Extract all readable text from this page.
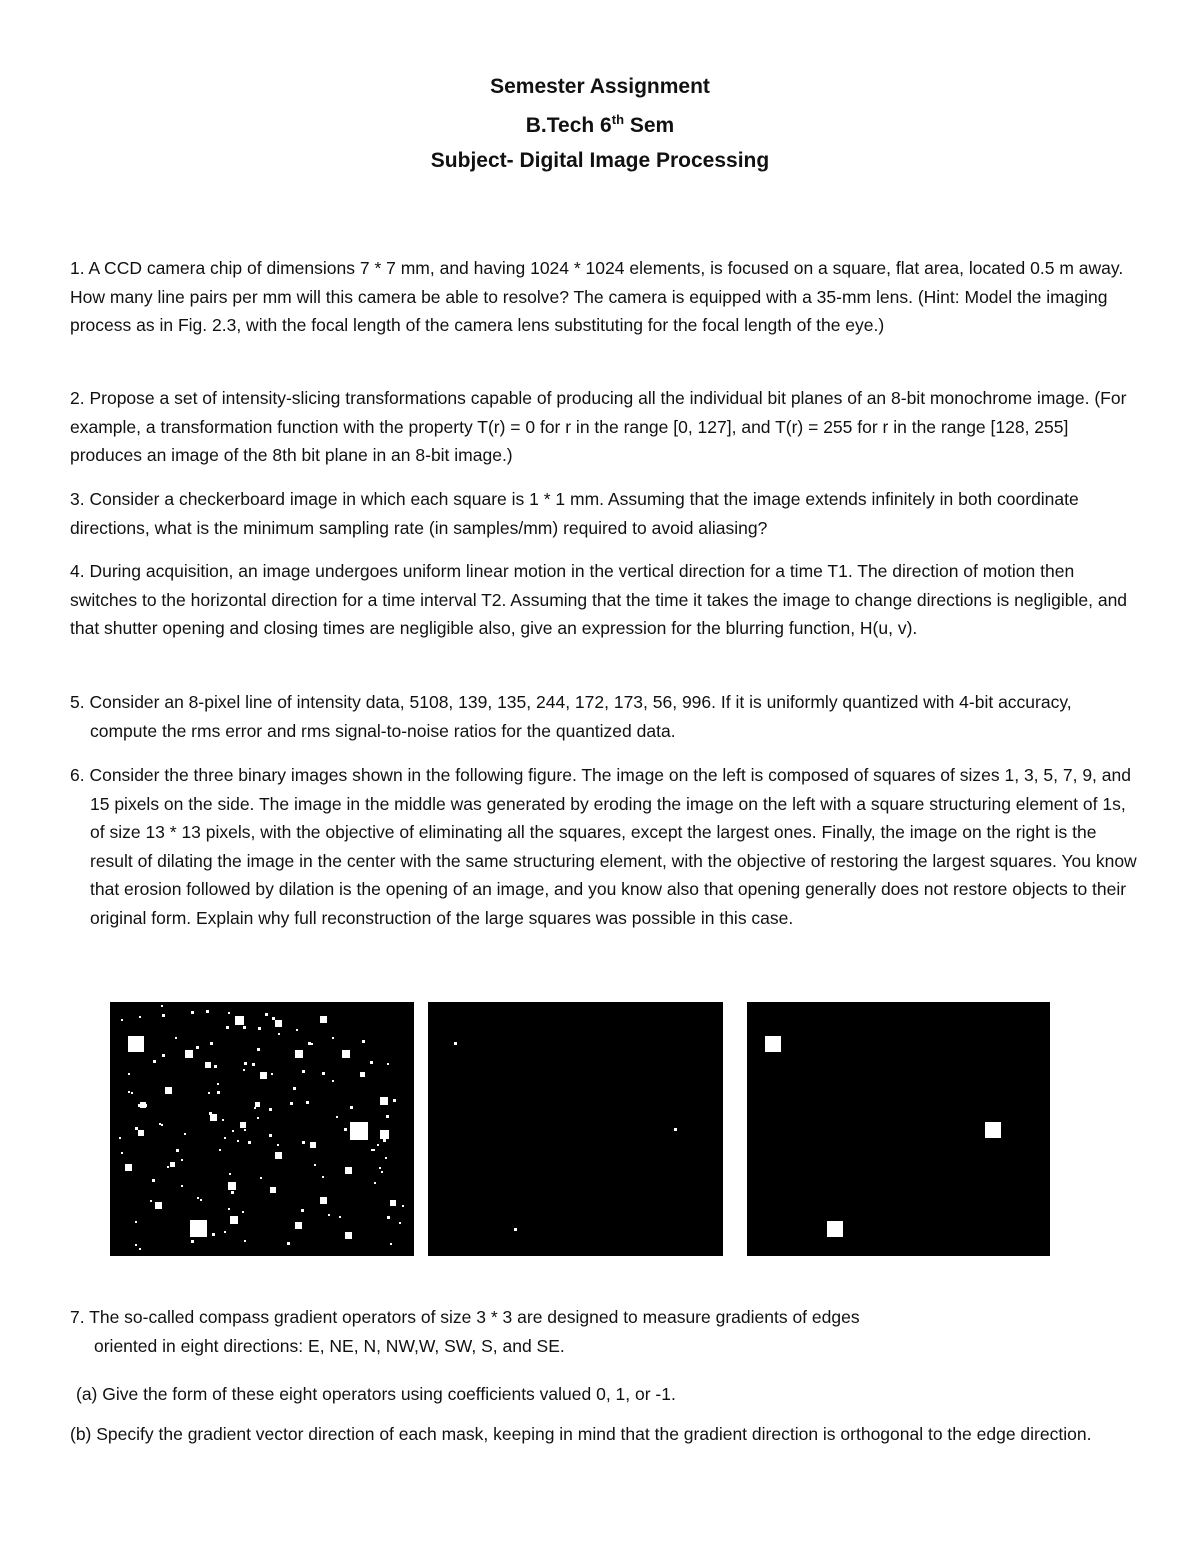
Semester Assignment
B.Tech 6th Sem
Subject- Digital Image Processing
1. A CCD camera chip of dimensions 7 * 7 mm, and having 1024 * 1024 elements, is focused on a square, flat area, located 0.5 m away. How many line pairs per mm will this camera be able to resolve? The camera is equipped with a 35-mm lens. (Hint: Model the imaging process as in Fig. 2.3, with the focal length of the camera lens substituting for the focal length of the eye.)
2. Propose a set of intensity-slicing transformations capable of producing all the individual bit planes of an 8-bit monochrome image. (For example, a transformation function with the property T(r) = 0 for r in the range [0, 127], and T(r) = 255 for r in the range [128, 255] produces an image of the 8th bit plane in an 8-bit image.)
3. Consider a checkerboard image in which each square is 1 * 1 mm. Assuming that the image extends infinitely in both coordinate directions, what is the minimum sampling rate (in samples/mm) required to avoid aliasing?
4. During acquisition, an image undergoes uniform linear motion in the vertical direction for a time T1. The direction of motion then switches to the horizontal direction for a time interval T2. Assuming that the time it takes the image to change directions is negligible, and that shutter opening and closing times are negligible also, give an expression for the blurring function, H(u, v).
5. Consider an 8-pixel line of intensity data, 5108, 139, 135, 244, 172, 173, 56, 996. If it is uniformly quantized with 4-bit accuracy, compute the rms error and rms signal-to-noise ratios for the quantized data.
6. Consider the three binary images shown in the following figure. The image on the left is composed of squares of sizes 1, 3, 5, 7, 9, and 15 pixels on the side. The image in the middle was generated by eroding the image on the left with a square structuring element of 1s, of size 13 * 13 pixels, with the objective of eliminating all the squares, except the largest ones. Finally, the image on the right is the result of dilating the image in the center with the same structuring element, with the objective of restoring the largest squares. You know that erosion followed by dilation is the opening of an image, and you know also that opening generally does not restore objects to their original form. Explain why full reconstruction of the large squares was possible in this case.
7. The so-called compass gradient operators of size 3 * 3 are designed to measure gradients of edges
oriented in eight directions: E, NE, N, NW,W, SW, S, and SE.
(a) Give the form of these eight operators using coefficients valued 0, 1, or -1.
(b) Specify the gradient vector direction of each mask, keeping in mind that the gradient direction is orthogonal to the edge direction.
